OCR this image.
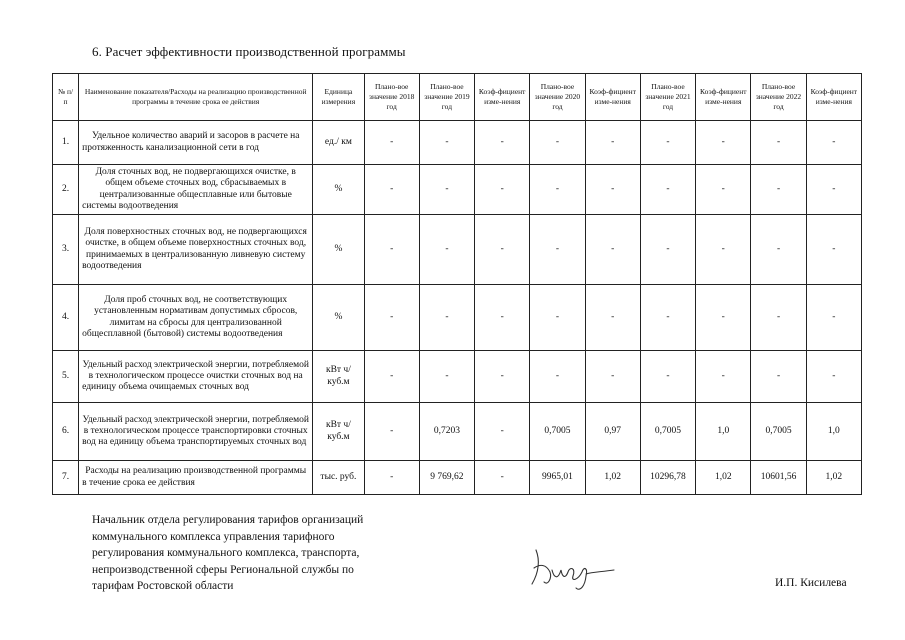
6. Расчет эффективности производственной программы
№ п/п	Наименование показателя/Расходы на реализацию производственной программы в течение срока ее действия	Единица измерения	Плано-вое значение 2018 год	Плано-вое значение 2019 год	Коэф-фициент изме-нения	Плано-вое значение 2020 год	Коэф-фициент изме-нения	Плано-вое значение 2021 год	Коэф-фициент изме-нения	Плано-вое значение 2022 год	Коэф-фициент изме-нения
1.	Удельное количество аварий и засоров в расчете на протяженность канализационной сети в год	ед./ км	-	-	-	-	-	-	-	-	-
2.	Доля сточных вод, не подвергающихся очистке, в общем объеме сточных вод, сбрасываемых в централизованные общесплавные или бытовые системы водоотведения	%	-	-	-	-	-	-	-	-	-
3.	Доля поверхностных сточных вод, не подвергающихся очистке, в общем объеме поверхностных сточных вод, принимаемых в централизованную ливневую систему водоотведения	%	-	-	-	-	-	-	-	-	-
4.	Доля проб сточных вод, не соответствующих установленным нормативам допустимых сбросов, лимитам на сбросы для централизованной общесплавной (бытовой) системы водоотведения	%	-	-	-	-	-	-	-	-	-
5.	Удельный расход электрической энергии, потребляемой в технологическом процессе очистки сточных вод на единицу объема очищаемых сточных вод	кВт ч/куб.м	-	-	-	-	-	-	-	-	-
6.	Удельный расход электрической энергии, потребляемой в технологическом процессе транспортировки сточных вод на единицу объема транспортируемых сточных вод	кВт ч/куб.м	-	0,7203	-	0,7005	0,97	0,7005	1,0	0,7005	1,0
7.	Расходы на реализацию производственной программы в течение срока ее действия	тыс. руб.	-	9 769,62	-	9965,01	1,02	10296,78	1,02	10601,56	1,02
Начальник отдела регулирования тарифов организаций
коммунального комплекса управления тарифного
регулирования коммунального комплекса, транспорта,
непроизводственной сферы Региональной службы по
тарифам Ростовской области	И.П. Кисилева
